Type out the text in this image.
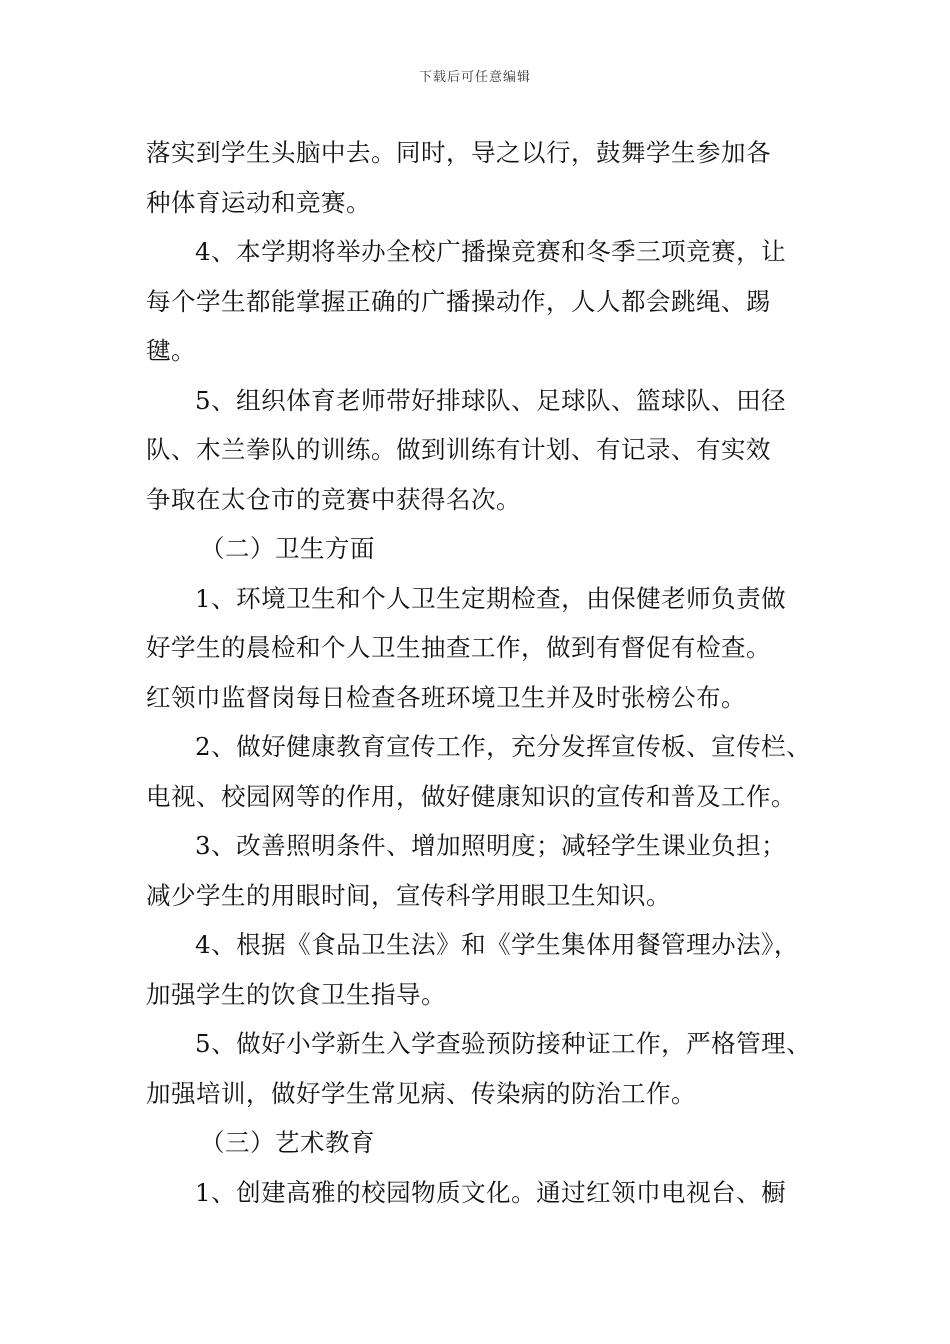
下载后可任意编辑
落实到学生头脑中去。同时，导之以行，鼓舞学生参加各
种体育运动和竞赛。
4、本学期将举办全校广播操竞赛和冬季三项竞赛，让
每个学生都能掌握正确的广播操动作，人人都会跳绳、踢
毽。
5、组织体育老师带好排球队、足球队、篮球队、田径
队、木兰拳队的训练。做到训练有计划、有记录、有实效
争取在太仓市的竞赛中获得名次。
（二）卫生方面
1、环境卫生和个人卫生定期检查，由保健老师负责做
好学生的晨检和个人卫生抽查工作，做到有督促有检查。
红领巾监督岗每日检查各班环境卫生并及时张榜公布。
2、做好健康教育宣传工作，充分发挥宣传板、宣传栏、
电视、校园网等的作用，做好健康知识的宣传和普及工作。
3、改善照明条件、增加照明度；减轻学生课业负担；
减少学生的用眼时间，宣传科学用眼卫生知识。
4、根据《食品卫生法》和《学生集体用餐管理办法》，
加强学生的饮食卫生指导。
5、做好小学新生入学查验预防接种证工作，严格管理、
加强培训，做好学生常见病、传染病的防治工作。
（三）艺术教育
1、创建高雅的校园物质文化。通过红领巾电视台、橱
